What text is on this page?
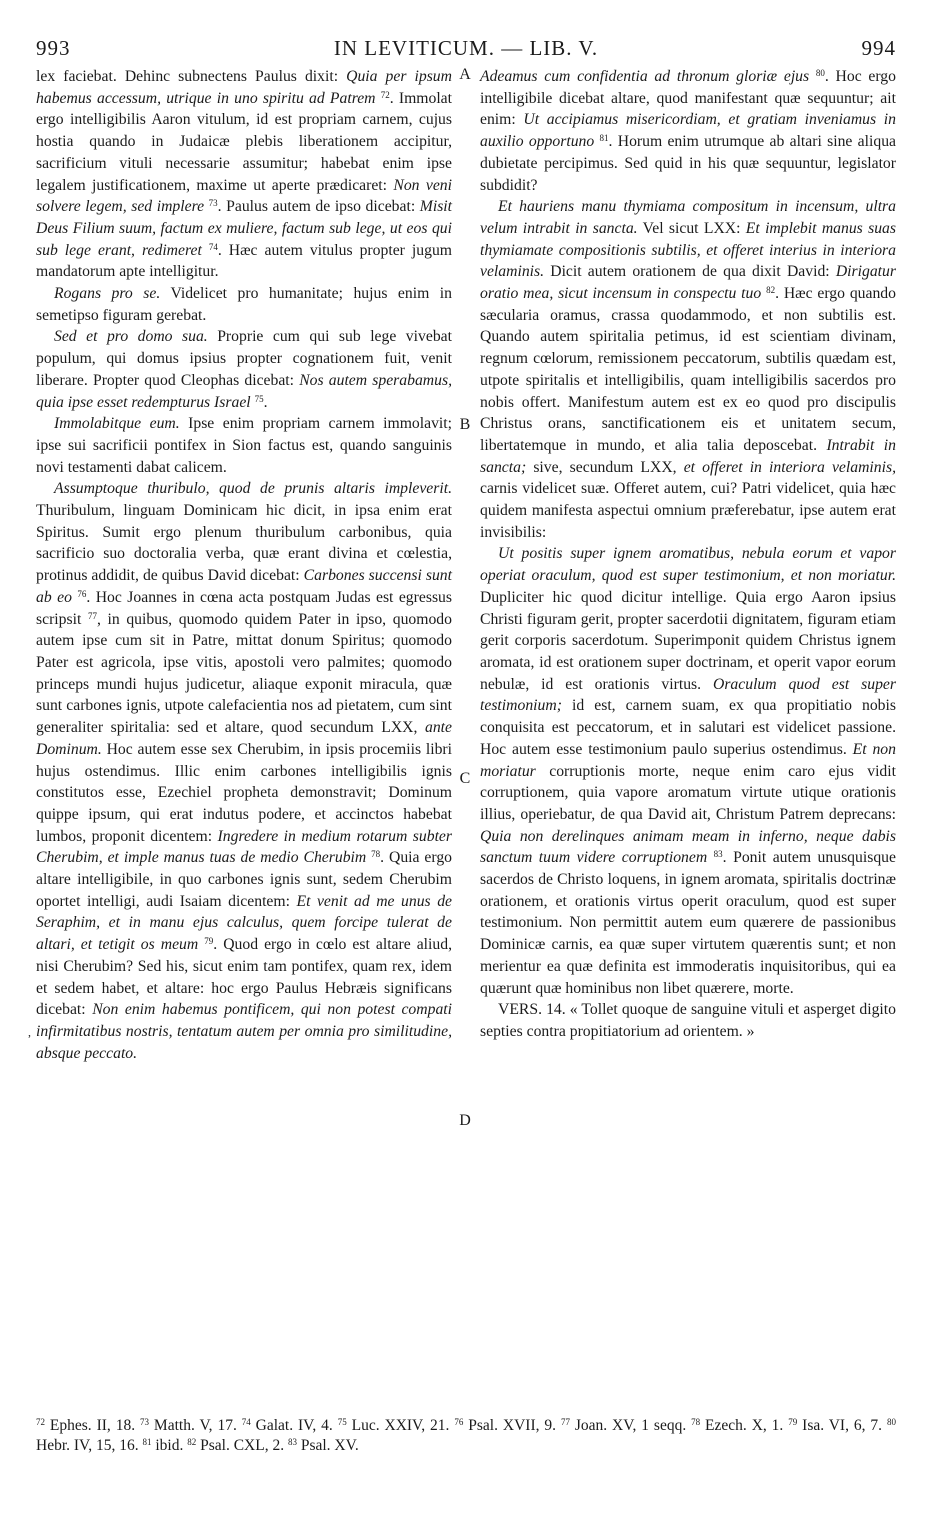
993	IN LEVITICUM. — LIB. V.	994

lex faciebat. Dehinc subnectens Paulus dixit: Quia per ipsum habemus accessum, utrique in uno spiritu ad Patrem $^{72}$. Immolat ergo intelligibilis Aaron vitulum, id est propriam carnem, cujus hostia quando in Judaicæ plebis liberationem accipitur, sacrificium vituli necessarie assumitur; habebat enim ipse legalem justificationem, maxime ut aperte prædicaret: Non veni solvere legem, sed implere $^{73}$. Paulus autem de ipso dicebat: Misit Deus Filium suum, factum ex muliere, factum sub lege, ut eos qui sub lege erant, redimeret $^{74}$. Hæc autem vitulus propter jugum mandatorum apte intelligitur.

Rogans pro se. Videlicet pro humanitate; hujus enim in semetipso figuram gerebat.

Sed et pro domo sua. Proprie cum qui sub lege vivebat populum, qui domus ipsius propter cognationem fuit, venit liberare. Propter quod Cleophas dicebat: Nos autem sperabamus, quia ipse esset redempturus Israel $^{75}$.

Immolabitque eum. Ipse enim propriam carnem immolavit; ipse sui sacrificii pontifex in Sion factus est, quando sanguinis novi testamenti dabat calicem.

Assumptoque thuribulo, quod de prunis altaris impleverit. Thuribulum, linguam Dominicam hic dicit, in ipsa enim erat Spiritus. Sumit ergo plenum thuribulum carbonibus, quia sacrificio suo doctoralia verba, quæ erant divina et cœlestia, protinus addidit, de quibus David dicebat: Carbones succensi sunt ab eo $^{76}$. Hoc Joannes in cœna acta postquam Judas est egressus scripsit $^{77}$, in quibus, quomodo quidem Pater in ipso, quomodo autem ipse cum sit in Patre, mittat donum Spiritus; quomodo Pater est agricola, ipse vitis, apostoli vero palmites; quomodo princeps mundi hujus judicetur, aliaque exponit miracula, quæ sunt carbones ignis, utpote calefacientia nos ad pietatem, cum sint generaliter spiritalia: sed et altare, quod secundum LXX, ante Dominum. Hoc autem esse sex Cherubim, in ipsis procemiis libri hujus ostendimus. Illic enim carbones intelligibilis ignis constitutos esse, Ezechiel propheta demonstravit; Dominum quippe ipsum, qui erat indutus podere, et accinctos habebat lumbos, proponit dicentem: Ingredere in medium rotarum subter Cherubim, et imple manus tuas de medio Cherubim $^{78}$. Quia ergo altare intelligibile, in quo carbones ignis sunt, sedem Cherubim oportet intelligi, audi Isaiam dicentem: Et venit ad me unus de Seraphim, et in manu ejus calculus, quem forcipe tulerat de altari, et tetigit os meum $^{79}$. Quod ergo in cœlo est altare aliud, nisi Cherubim? Sed his, sicut enim tam pontifex, quam rex, idem et sedem habet, et altare: hoc ergo Paulus Hebræis significans dicebat: Non enim habemus pontificem, qui non potest compati infirmitatibus nostris, tentatum autem per omnia pro similitudine, absque peccato.

A
B
C
D
,

Adeamus cum confidentia ad thronum gloriæ ejus $^{80}$. Hoc ergo intelligibile dicebat altare, quod manifestant quæ sequuntur; ait enim: Ut accipiamus misericordiam, et gratiam inveniamus in auxilio opportuno $^{81}$. Horum enim utrumque ab altari sine aliqua dubietate percipimus. Sed quid in his quæ sequuntur, legislator subdidit?

Et hauriens manu thymiama compositum in incensum, ultra velum intrabit in sancta. Vel sicut LXX: Et implebit manus suas thymiamate compositionis subtilis, et offeret interius in interiora velaminis. Dicit autem orationem de qua dixit David: Dirigatur oratio mea, sicut incensum in conspectu tuo $^{82}$. Hæc ergo quando sæcularia oramus, crassa quodammodo, et non subtilis est. Quando autem spiritalia petimus, id est scientiam divinam, regnum cœlorum, remissionem peccatorum, subtilis quædam est, utpote spiritalis et intelligibilis, quam intelligibilis sacerdos pro nobis offert. Manifestum autem est ex eo quod pro discipulis Christus orans, sanctificationem eis et unitatem secum, libertatemque in mundo, et alia talia deposcebat. Intrabit in sancta; sive, secundum LXX, et offeret in interiora velaminis, carnis videlicet suæ. Offeret autem, cui? Patri videlicet, quia hæc quidem manifesta aspectui omnium præferebatur, ipse autem erat invisibilis:

Ut positis super ignem aromatibus, nebula eorum et vapor operiat oraculum, quod est super testimonium, et non moriatur. Dupliciter hic quod dicitur intellige. Quia ergo Aaron ipsius Christi figuram gerit, propter sacerdotii dignitatem, figuram etiam gerit corporis sacerdotum. Superimponit quidem Christus ignem aromata, id est orationem super doctrinam, et operit vapor eorum nebulæ, id est orationis virtus. Oraculum quod est super testimonium; id est, carnem suam, ex qua propitiatio nobis conquisita est peccatorum, et in salutari est videlicet passione. Hoc autem esse testimonium paulo superius ostendimus. Et non moriatur corruptionis morte, neque enim caro ejus vidit corruptionem, quia vapore aromatum virtute utique orationis illius, operiebatur, de qua David ait, Christum Patrem deprecans: Quia non derelinques animam meam in inferno, neque dabis sanctum tuum videre corruptionem $^{83}$. Ponit autem unusquisque sacerdos de Christo loquens, in ignem aromata, spiritalis doctrinæ orationem, et orationis virtus operit oraculum, quod est super testimonium. Non permittit autem eum quærere de passionibus Dominicæ carnis, ea quæ super virtutem quærentis sunt; et non merientur ea quæ definita est immoderatis inquisitoribus, qui ea quærunt quæ hominibus non libet quærere, morte.

VERS. 14. « Tollet quoque de sanguine vituli et asperget digito septies contra propitiatorium ad orientem. »

$^{72}$ Ephes. II, 18. $^{73}$ Matth. V, 17. $^{74}$ Galat. IV, 4. $^{75}$ Luc. XXIV, 21. $^{76}$ Psal. XVII, 9. $^{77}$ Joan. XV, 1 seqq. $^{78}$ Ezech. X, 1. $^{79}$ Isa. VI, 6, 7. $^{80}$ Hebr. IV, 15, 16. $^{81}$ ibid. $^{82}$ Psal. CXL, 2. $^{83}$ Psal. XV.
